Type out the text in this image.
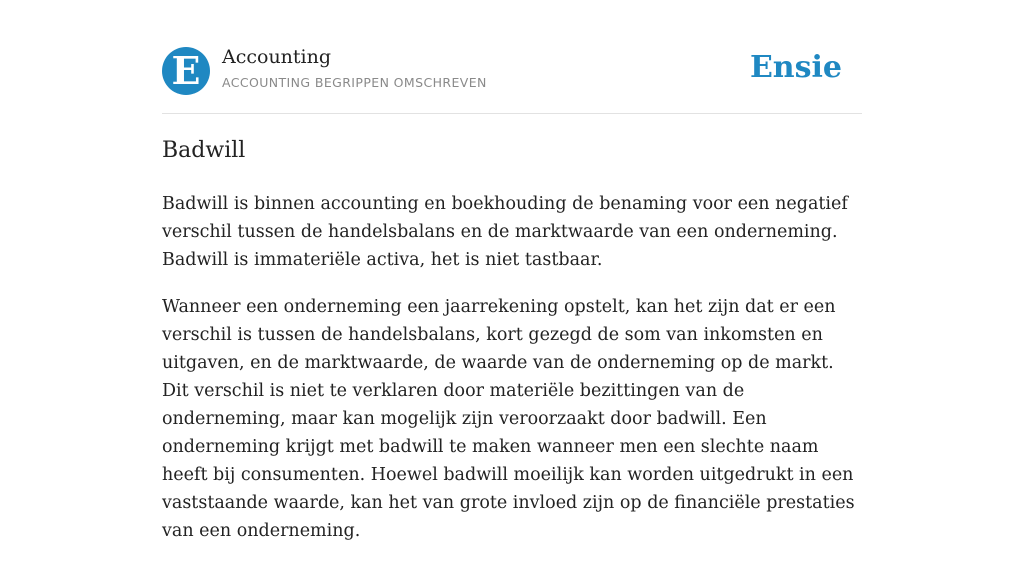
E	Accounting
ACCOUNTING BEGRIPPEN OMSCHREVEN	Ensie
Badwill

Badwill is binnen accounting en boekhouding de benaming voor een negatief verschil tussen de handelsbalans en de marktwaarde van een onderneming. Badwill is immateriële activa, het is niet tastbaar.

Wanneer een onderneming een jaarrekening opstelt, kan het zijn dat er een verschil is tussen de handelsbalans, kort gezegd de som van inkomsten en uitgaven, en de marktwaarde, de waarde van de onderneming op de markt. Dit verschil is niet te verklaren door materiële bezittingen van de onderneming, maar kan mogelijk zijn veroorzaakt door badwill. Een onderneming krijgt met badwill te maken wanneer men een slechte naam heeft bij consumenten. Hoewel badwill moeilijk kan worden uitgedrukt in een vaststaande waarde, kan het van grote invloed zijn op de financiële prestaties van een onderneming.
